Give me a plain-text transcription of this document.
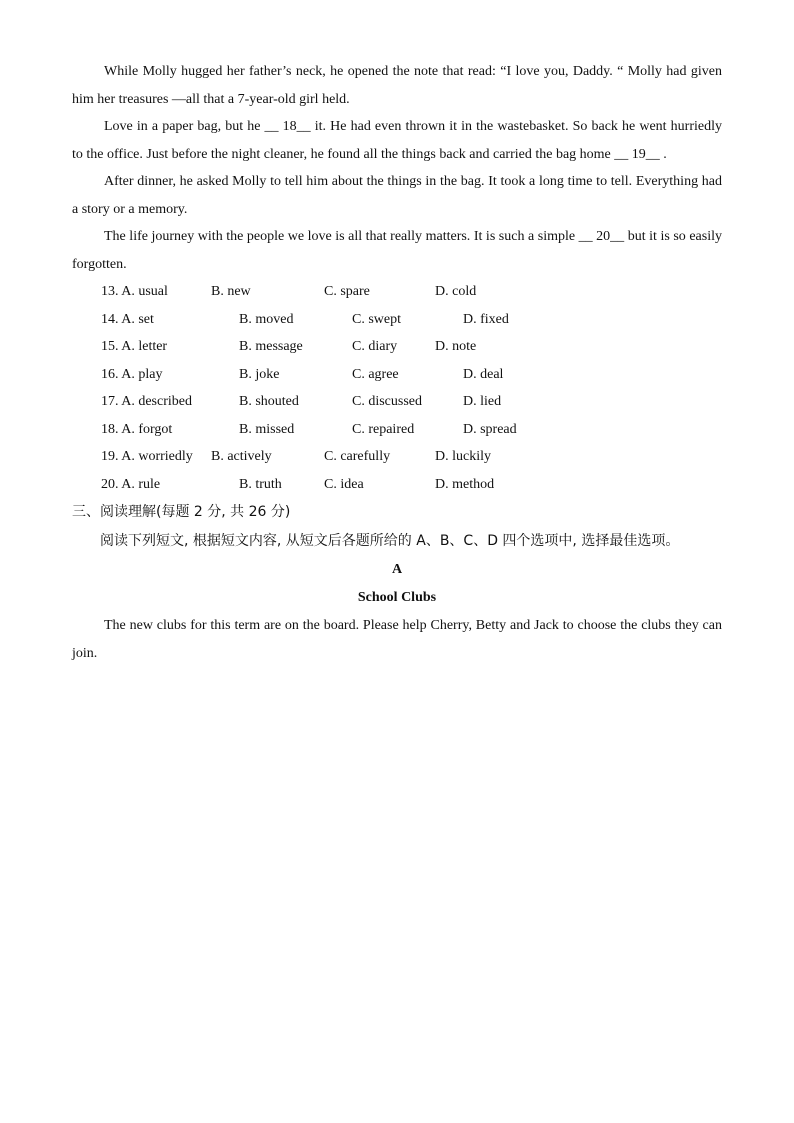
While Molly hugged her father’s neck, he opened the note that read: “I love you, Daddy. “ Molly had given him her treasures —all that a 7-year-old girl held.

Love in a paper bag, but he __ 18__ it. He had even thrown it in the wastebasket. So back he went hurriedly to the office. Just before the night cleaner, he found all the things back and carried the bag home __ 19__ .

After dinner, he asked Molly to tell him about the things in the bag. It took a long time to tell. Everything had a story or a memory.

The life journey with the people we love is all that really matters. It is such a simple __ 20__ but it is so easily forgotten.

13. A. usual	B. new	C. spare	D. cold
14. A. set	B. moved	C. swept	D. fixed
15. A. letter	B. message	C. diary	D. note
16. A. play	B. joke	C. agree	D. deal
17. A. described	B. shouted	C. discussed	D. lied
18. A. forgot	B. missed	C. repaired	D. spread
19. A. worriedly B. actively	C. carefully	D. luckily
20. A. rule	B. truth	C. idea	D. method

三、阅读理解(每题 2 分, 共 26 分)

阅读下列短文, 根据短文内容, 从短文后各题所给的 A、B、C、D 四个选项中, 选择最佳选项。

A

School Clubs

The new clubs for this term are on the board. Please help Cherry, Betty and Jack to choose the clubs they can join.
